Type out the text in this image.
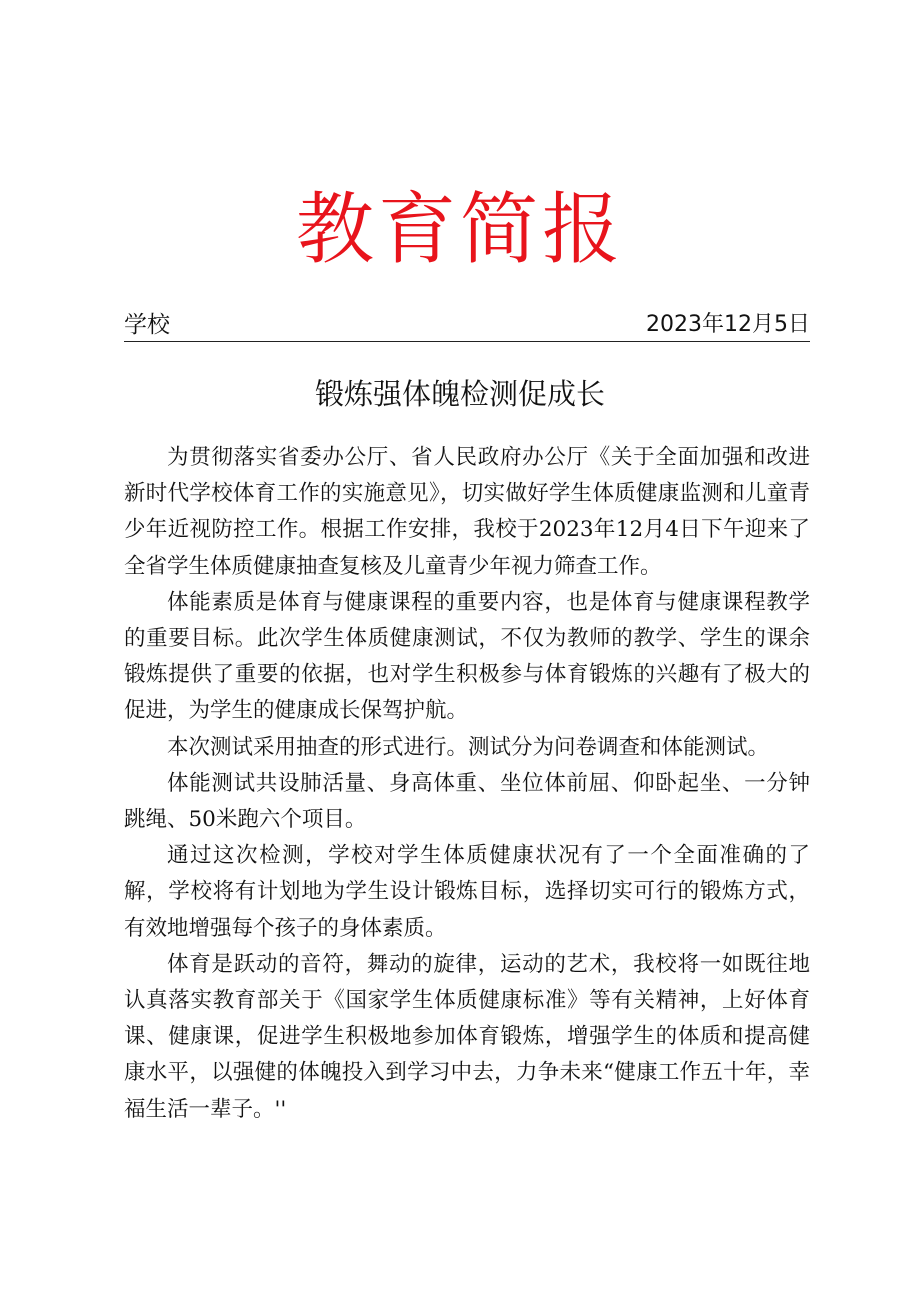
教育简报
学校	2023年12月5日
锻炼强体魄检测促成长

为贯彻落实省委办公厅、省人民政府办公厅《关于全面加强和改进新时代学校体育工作的实施意见》，切实做好学生体质健康监测和儿童青少年近视防控工作。根据工作安排，我校于2023年12月4日下午迎来了全省学生体质健康抽查复核及儿童青少年视力筛查工作。

体能素质是体育与健康课程的重要内容，也是体育与健康课程教学的重要目标。此次学生体质健康测试，不仅为教师的教学、学生的课余锻炼提供了重要的依据，也对学生积极参与体育锻炼的兴趣有了极大的促进，为学生的健康成长保驾护航。

本次测试采用抽查的形式进行。测试分为问卷调查和体能测试。

体能测试共设肺活量、身高体重、坐位体前屈、仰卧起坐、一分钟跳绳、50米跑六个项目。

通过这次检测，学校对学生体质健康状况有了一个全面准确的了解，学校将有计划地为学生设计锻炼目标，选择切实可行的锻炼方式，有效地增强每个孩子的身体素质。

体育是跃动的音符，舞动的旋律，运动的艺术，我校将一如既往地认真落实教育部关于《国家学生体质健康标准》等有关精神，上好体育课、健康课，促进学生积极地参加体育锻炼，增强学生的体质和提高健康水平，以强健的体魄投入到学习中去，力争未来“健康工作五十年，幸福生活一辈子。''
